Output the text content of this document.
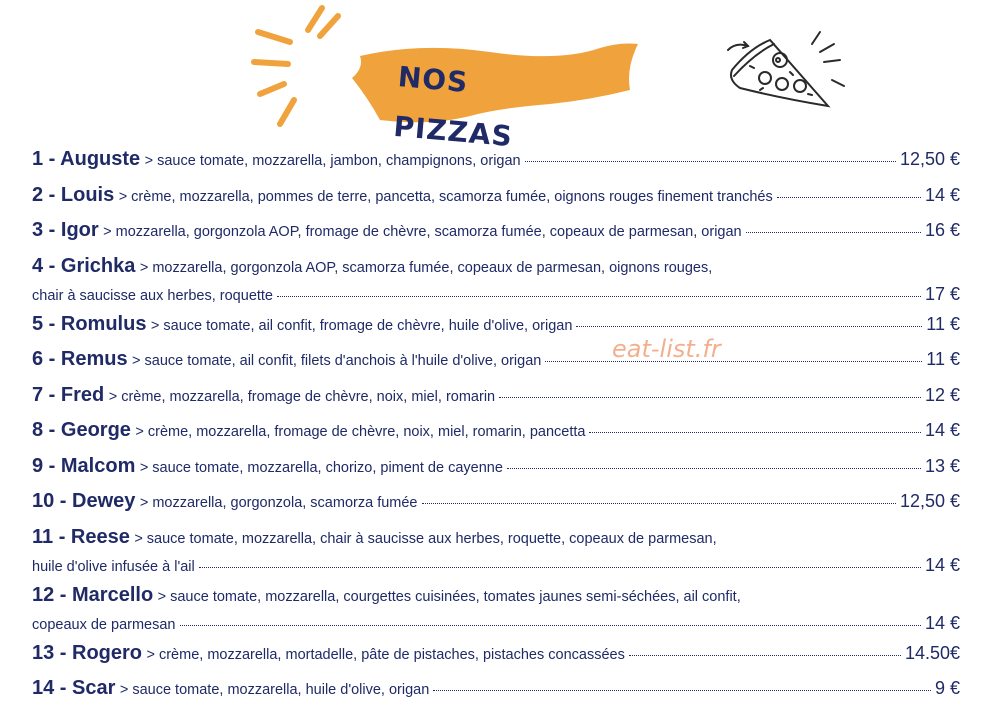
NOS PIZZAS
eat-list.fr
1 - Auguste
> sauce tomate, mozzarella, jambon, champignons, origan	12,50 €
2 - Louis
> crème, mozzarella, pommes de terre, pancetta, scamorza fumée, oignons rouges finement tranchés	14 €
3 - Igor
> mozzarella, gorgonzola AOP, fromage de chèvre, scamorza fumée, copeaux de parmesan, origan	16 €
4 - Grichka
> mozzarella, gorgonzola AOP, scamorza fumée, copeaux de parmesan, oignons rouges,
chair à saucisse aux herbes, roquette	17 €
5 - Romulus
> sauce tomate, ail confit, fromage de chèvre, huile d'olive, origan	11 €
6 - Remus
> sauce tomate, ail confit, filets d'anchois à l'huile d'olive, origan	11 €
7 - Fred
> crème, mozzarella, fromage de chèvre, noix, miel, romarin	12 €
8 - George
> crème, mozzarella, fromage de chèvre, noix, miel, romarin, pancetta	14 €
9 - Malcom
> sauce tomate, mozzarella, chorizo, piment de cayenne	13 €
10 - Dewey
> mozzarella, gorgonzola, scamorza fumée	12,50 €
11 - Reese
> sauce tomate, mozzarella, chair à saucisse aux herbes, roquette, copeaux de parmesan,
huile d'olive infusée à l'ail	14 €
12 - Marcello
> sauce tomate, mozzarella, courgettes cuisinées, tomates jaunes semi-séchées, ail confit,
copeaux de parmesan	14 €
13 - Rogero
> crème, mozzarella, mortadelle, pâte de pistaches, pistaches concassées	14.50€
14 - Scar
> sauce tomate, mozzarella, huile d'olive, origan	9 €
